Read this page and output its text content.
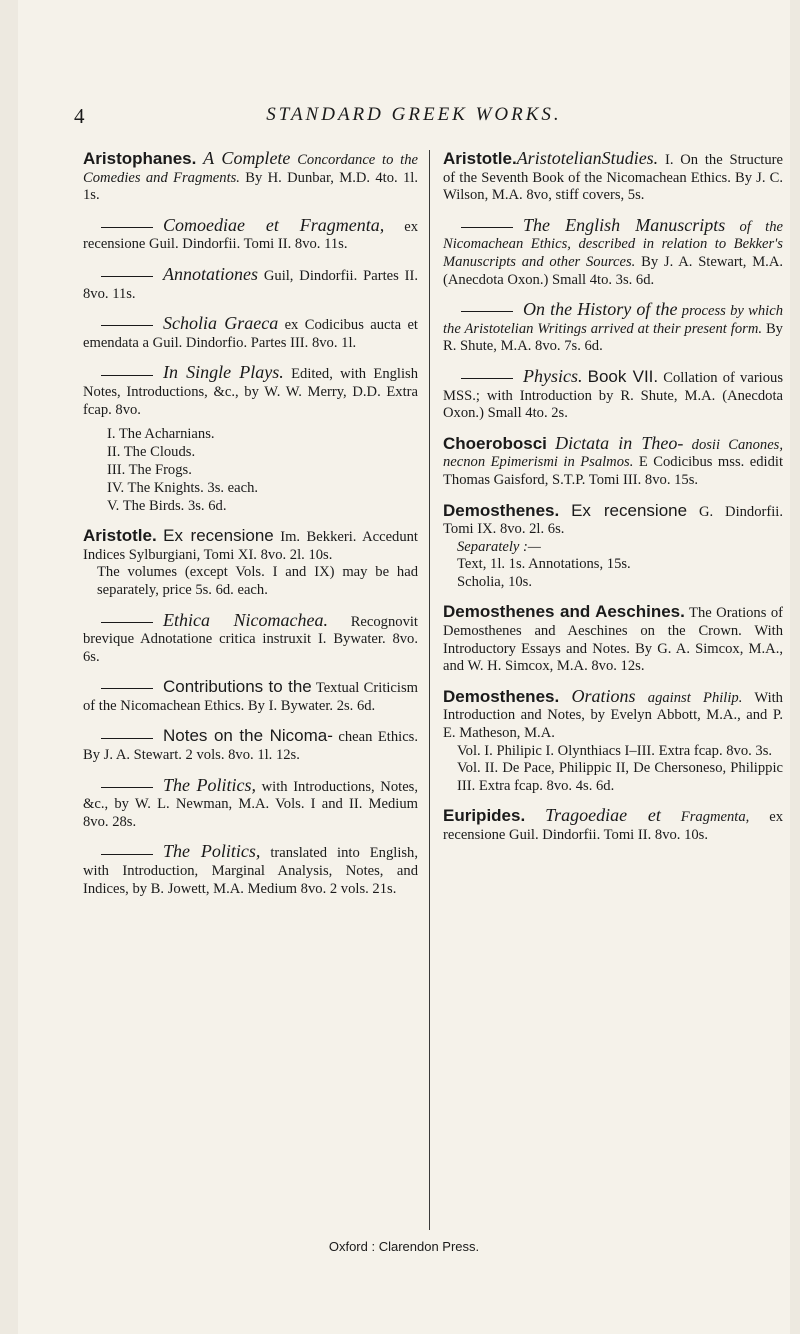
4	STANDARD GREEK WORKS.
Aristophanes. A Complete Concordance to the Comedies and Fragments. By H. Dunbar, M.D. 4to. 1l. 1s.
Comoediae et Fragmenta, ex recensione Guil. Dindorfii. Tomi II. 8vo. 11s.
Annotationes Guil, Dindorfii. Partes II. 8vo. 11s.
Scholia Graeca ex Codicibus aucta et emendata a Guil. Dindorfio. Partes III. 8vo. 1l.
In Single Plays. Edited, with English Notes, Introductions, &c., by W. W. Merry, D.D. Extra fcap. 8vo.
I. The Acharnians.
II. The Clouds.
III. The Frogs.
IV. The Knights. 3s. each.
V. The Birds. 3s. 6d.
Aristotle. Ex recensione Im. Bekkeri. Accedunt Indices Sylburgiani, Tomi XI. 8vo. 2l. 10s.
The volumes (except Vols. I and IX) may be had separately, price 5s. 6d. each.
Ethica Nicomachea. Recognovit brevique Adnotatione critica instruxit I. Bywater. 8vo. 6s.
Contributions to the Textual Criticism of the Nicomachean Ethics. By I. Bywater. 2s. 6d.
Notes on the Nicoma- chean Ethics. By J. A. Stewart. 2 vols. 8vo. 1l. 12s.
The Politics, with Introductions, Notes, &c., by W. L. Newman, M.A. Vols. I and II. Medium 8vo. 28s.
The Politics, translated into English, with Introduction, Marginal Analysis, Notes, and Indices, by B. Jowett, M.A. Medium 8vo. 2 vols. 21s.
Aristotle.AristotelianStudies. I. On the Structure of the Seventh Book of the Nicomachean Ethics. By J. C. Wilson, M.A. 8vo, stiff covers, 5s.
The English Manuscripts of the Nicomachean Ethics, described in relation to Bekker's Manuscripts and other Sources. By J. A. Stewart, M.A. (Anecdota Oxon.) Small 4to. 3s. 6d.
On the History of the process by which the Aristotelian Writings arrived at their present form. By R. Shute, M.A. 8vo. 7s. 6d.
Physics. Book VII. Collation of various MSS.; with Introduction by R. Shute, M.A. (Anecdota Oxon.) Small 4to. 2s.
Choerobosci Dictata in Theo- dosii Canones, necnon Epimerismi in Psalmos. E Codicibus mss. edidit Thomas Gaisford, S.T.P. Tomi III. 8vo. 15s.
Demosthenes. Ex recensione G. Dindorfii. Tomi IX. 8vo. 2l. 6s.
Separately :—
Text, 1l. 1s. Annotations, 15s.
Scholia, 10s.
Demosthenes and Aeschines. The Orations of Demosthenes and Aeschines on the Crown. With Introductory Essays and Notes. By G. A. Simcox, M.A., and W. H. Simcox, M.A. 8vo. 12s.
Demosthenes. Orations against Philip. With Introduction and Notes, by Evelyn Abbott, M.A., and P. E. Matheson, M.A.
Vol. I. Philipic I. Olynthiacs I–III. Extra fcap. 8vo. 3s.
Vol. II. De Pace, Philippic II, De Chersoneso, Philippic III. Extra fcap. 8vo. 4s. 6d.
Euripides. Tragoediae et Fragmenta, ex recensione Guil. Dindorfii. Tomi II. 8vo. 10s.
Oxford : Clarendon Press.
